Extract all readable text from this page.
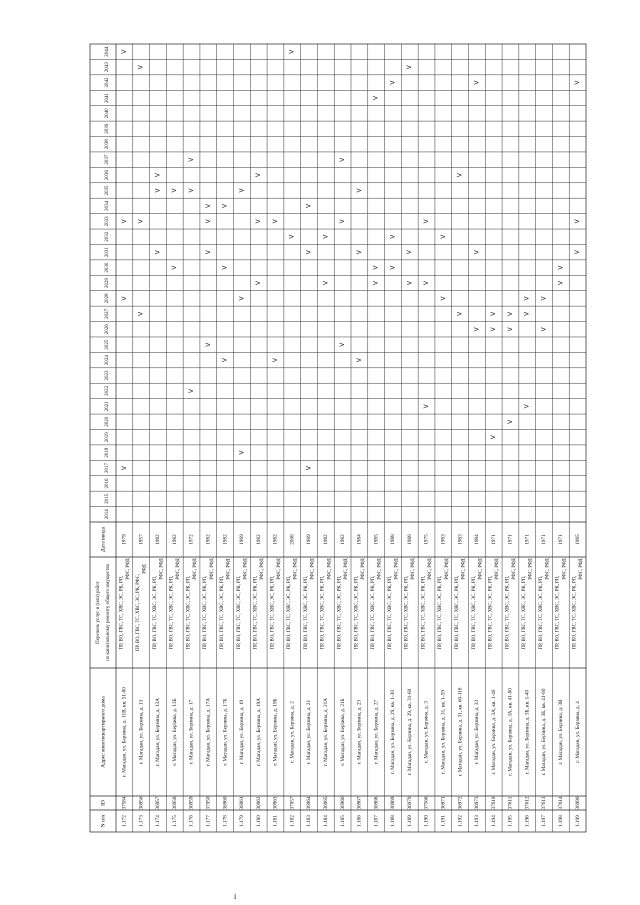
N п/п
ID
Адрес многоквартирного дома
Перечень услуг и (или) работ по капитальному ремонту общего имущества
Дата ввода
2014
2015
2016
2017
2018
2019
2020
2021
2022
2023
2024
2025
2026
2027
2028
2029
2030
2031
2032
2033
2034
2035
2036
2037
2038
2039
2040
2041
2042
2043
2044
1.172
37584
г. Магадан, ул. Берзина, д. 11В, кв. 51-80
ПР, ВО, ГВС, ТС, ХВС, ЭС, РК, РП,
РФС, РФД
1979
V
V
V
V
1.173
36956
г. Магадан, ул. Берзина, д. 13
ПР, ВО, ГВС, ТС, ХВС, ЭС, РК, РФС,
РФД
1957
V
V
V
1.174
36957
г. Магадан, ул. Берзина, д. 13А
ПР, ВО, ГВС, ТС, ХВС, ЭС, РК, РП,
РФС, РФД
1982
V
V
V
1.175
36958
г. Магадан, ул. Берзина, д. 13Б
ПР, ВО, ГВС, ТС, ХВС, ЭС, РК, РП,
РФС, РФД
1982
V
V
1.176
36959
г. Магадан, ул. Берзина, д. 17
ПР, ВО, ГВС, ТС, ХВС, ЭС, РК, РП,
РФС, РФД
1972
V
V
V
1.177
37050
г. Магадан, ул. Берзина, д. 17А
ПР, ВО, ГВС, ТС, ХВС, ЭС, РК, РП,
РФС, РФД
1982
V
V
V
V
1.178
36960
г. Магадан, ул. Берзина, д. 17Б
ПР, ВО, ГВС, ТС, ХВС, ЭС, РК, РП,
РФС, РФД
1982
V
V
V
1.179
36961
г. Магадан, ул. Берзина, д. 19
ПР, ВО, ГВС, ТС, ХВС, ЭС, РК, РП,
РФС, РФД
1969
V
V
V
1.180
36962
г. Магадан, ул. Берзина, д. 19А
ПР, ВО, ГВС, ТС, ХВС, ЭС, РК, РП,
РФС, РФД
1982
V
V
V
1.181
36963
г. Магадан, ул. Берзина, д. 19Б
ПР, ВО, ГВС, ТС, ХВС, ЭС, РК, РП,
РФС, РФД
1982
V
V
1.182
37057
г. Магадан, ул. Берзина, д. 2
ПР, ВО, ГВС, ТС, ХВС, ЭС, РК, РП,
РФС, РФД
2008
V
V
1.183
36964
г. Магадан, ул. Берзина, д. 21
ПР, ВО, ГВС, ТС, ХВС, ЭС, РК, РП,
РФС, РФД
1969
V
V
V
1.184
36965
г. Магадан, ул. Берзина, д. 21А
ПР, ВО, ГВС, ТС, ХВС, ЭС, РК, РП,
РФС, РФД
1982
V
V
1.185
36966
г. Магадан, ул. Берзина, д. 21Б
ПР, ВО, ГВС, ТС, ХВС, ЭС, РК, РП,
РФС, РФД
1982
V
V
V
1.186
36967
г. Магадан, ул. Берзина, д. 23
ПР, ВО, ГВС, ТС, ХВС, ЭС, РК, РП,
РФС, РФД
1984
V
V
V
1.187
36968
г. Магадан, ул. Берзина, д. 27
ПР, ВО, ГВС, ТС, ХВС, ЭС, РК, РП,
РФС, РФД
1985
V
V
V
1.188
36969
г. Магадан, ул. Берзина, д. 29, кв. 1-30
ПР, ВО, ГВС, ТС, ХВС, ЭС, РК, РП,
РФС, РФД
1988
V
V
V
1.189
36970
г. Магадан, ул. Берзина, д. 29, кв. 31-60
ПР, ВО, ГВС, ТС, ХВС, ЭС, РК, РП,
РФС, РФД
1988
V
V
V
1.190
37566
г. Магадан, ул. Берзина, д. 3
ПР, ВО, ГВС, ТС, ХВС, ЭС, РК, РП,
РФС, РФД
1975
V
V
V
1.191
36971
г. Магадан, ул. Берзина, д. 31, кв. 1-59
ПР, ВО, ГВС, ТС, ХВС, ЭС, РК, РП,
РФС, РФД
1983
V
V
1.192
36972
г. Магадан, ул. Берзина, д. 31, кв. 60-118
ПР, ВО, ГВС, ТС, ХВС, ЭС, РК, РП,
РФС, РФД
1983
V
V
1.193
36973
г. Магадан, ул. Берзина, д. 33
ПР, ВО, ГВС, ТС, ХВС, ЭС, РК, РП,
РФС, РФД
1984
V
V
V
1.194
37610
г. Магадан, ул. Берзина, д. 3А, кв. 1-40
ПР, ВО, ГВС, ТС, ХВС, ЭС, РК, РП,
РФС, РФД
1971
V
V
V
1.195
37611
г. Магадан, ул. Берзина, д. 3А, кв. 41-80
ПР, ВО, ГВС, ТС, ХВС, ЭС, РК, РП,
РФС, РФД
1971
V
V
V
1.196
37612
г. Магадан, ул. Берзина, д. 3Б, кв. 1-40
ПР, ВО, ГВС, ТС, ХВС, ЭС, РК, РП,
РФС, РФД
1971
V
V
V
1.197
37613
г. Магадан, ул. Берзина, д. 3Б, кв. 41-80
ПР, ВО, ГВС, ТС, ХВС, ЭС, РК, РП,
РФС, РФД
1971
V
V
1.198
37614
г. Магадан, ул. Берзина, д. 3В
ПР, ВО, ГВС, ТС, ХВС, ЭС, РК, РП,
РФС, РФД
1971
V
V
1.199
36990
г. Магадан, ул. Берзина, д. 4
ПР, ВО, ГВС, ТС, ХВС, ЭС, РК, РП,
РФС, РФД
1985
V
V
V
i
